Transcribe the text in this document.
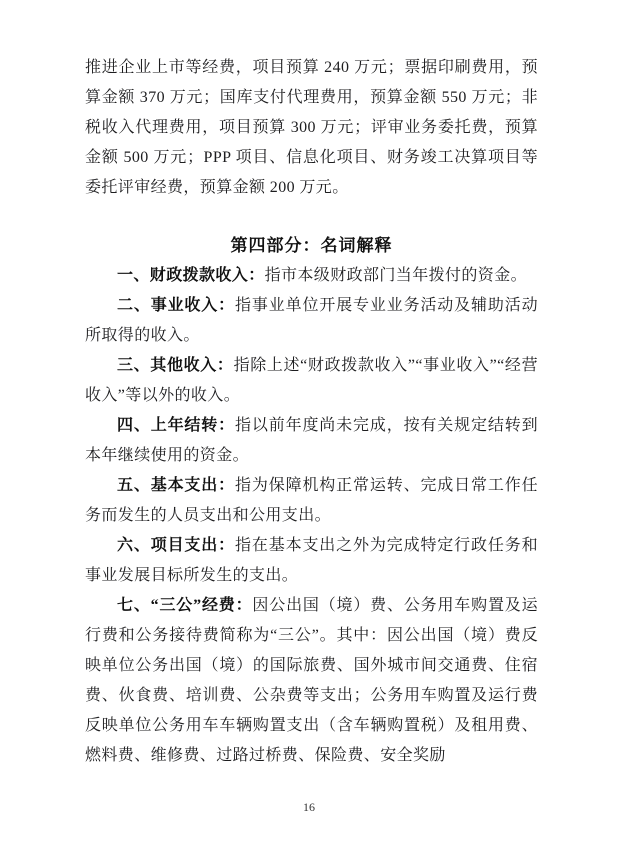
推进企业上市等经费，项目预算 240 万元；票据印刷费用，预算金额 370 万元；国库支付代理费用，预算金额 550 万元；非税收入代理费用，项目预算 300 万元；评审业务委托费，预算金额 500 万元；PPP 项目、信息化项目、财务竣工决算项目等委托评审经费，预算金额 200 万元。

第四部分：名词解释

一、财政拨款收入：指市本级财政部门当年拨付的资金。

二、事业收入：指事业单位开展专业业务活动及辅助活动所取得的收入。

三、其他收入：指除上述“财政拨款收入”“事业收入”“经营收入”等以外的收入。

四、上年结转：指以前年度尚未完成，按有关规定结转到本年继续使用的资金。

五、基本支出：指为保障机构正常运转、完成日常工作任务而发生的人员支出和公用支出。

六、项目支出：指在基本支出之外为完成特定行政任务和事业发展目标所发生的支出。

七、“三公”经费：因公出国（境）费、公务用车购置及运行费和公务接待费简称为“三公”。其中：因公出国（境）费反映单位公务出国（境）的国际旅费、国外城市间交通费、住宿费、伙食费、培训费、公杂费等支出；公务用车购置及运行费反映单位公务用车车辆购置支出（含车辆购置税）及租用费、燃料费、维修费、过路过桥费、保险费、安全奖励

16
